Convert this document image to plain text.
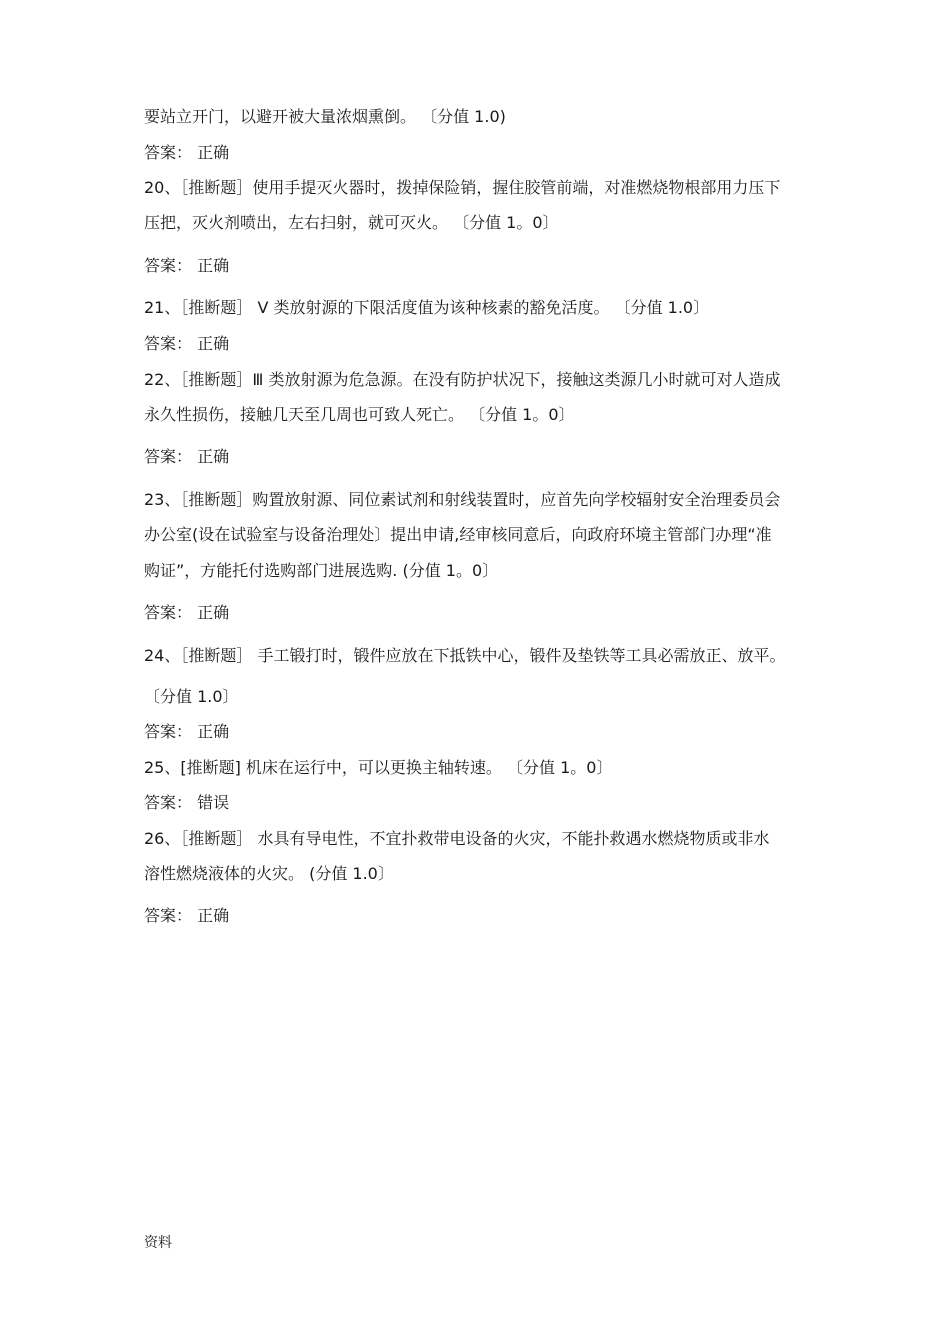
要站立开门，以避开被大量浓烟熏倒。 〔分值 1.0)
答案： 正确
20、［推断题］使用手提灭火器时，拨掉保险销，握住胶管前端，对准燃烧物根部用力压下
压把，灭火剂喷出，左右扫射，就可灭火。 〔分值 1。0〕
答案： 正确
21、［推断题］ V 类放射源的下限活度值为该种核素的豁免活度。 〔分值 1.0〕
答案： 正确
22、［推断题］Ⅲ 类放射源为危急源。在没有防护状况下，接触这类源几小时就可对人造成
永久性损伤，接触几天至几周也可致人死亡。 〔分值 1。0〕
答案： 正确
23、［推断题］购置放射源、同位素试剂和射线装置时，应首先向学校辐射安全治理委员会
办公室(设在试验室与设备治理处〕提出申请,经审核同意后，向政府环境主管部门办理“准
购证”，方能托付选购部门进展选购. (分值 1。0〕
答案： 正确
24、［推断题］ 手工锻打时，锻件应放在下抵铁中心，锻件及垫铁等工具必需放正、放平。
〔分值 1.0〕
答案： 正确
25、[推断题] 机床在运行中，可以更换主轴转速。 〔分值 1。0〕
答案： 错误
26、［推断题］ 水具有导电性，不宜扑救带电设备的火灾，不能扑救遇水燃烧物质或非水
溶性燃烧液体的火灾。 (分值 1.0〕
答案： 正确
资料
